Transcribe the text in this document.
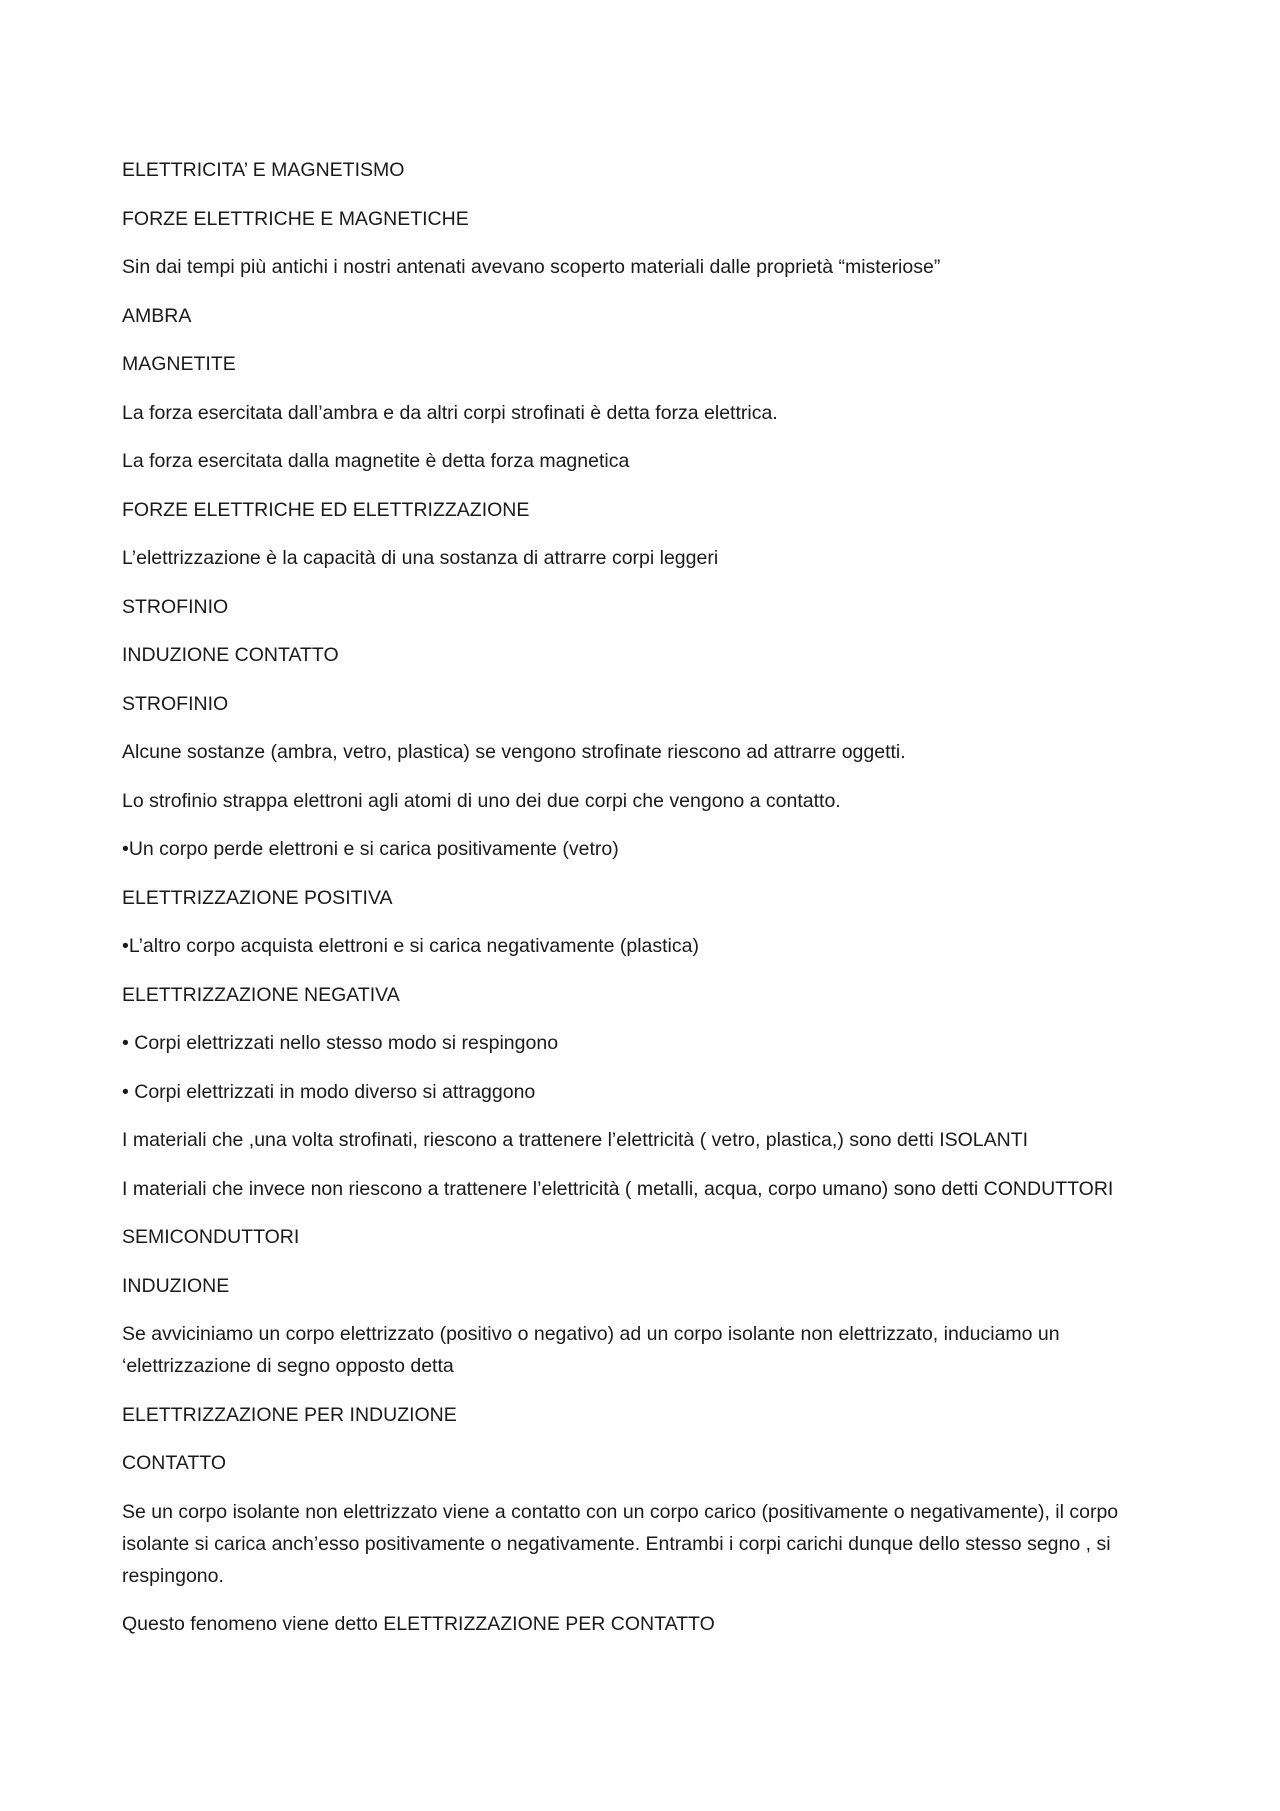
ELETTRICITA’ E MAGNETISMO

FORZE ELETTRICHE E MAGNETICHE

Sin dai tempi più antichi i nostri antenati avevano scoperto materiali dalle proprietà “misteriose”

AMBRA

MAGNETITE

La forza esercitata dall’ambra e da altri corpi strofinati è detta forza elettrica.

La forza esercitata dalla magnetite è detta forza magnetica

FORZE ELETTRICHE ED ELETTRIZZAZIONE

L’elettrizzazione è la capacità di una sostanza di attrarre corpi leggeri

STROFINIO

INDUZIONE CONTATTO

STROFINIO

Alcune sostanze (ambra, vetro, plastica) se vengono strofinate riescono ad attrarre oggetti.

Lo strofinio strappa elettroni agli atomi di uno dei due corpi che vengono a contatto.

•Un corpo perde elettroni e si carica positivamente (vetro)

ELETTRIZZAZIONE POSITIVA

•L’altro corpo acquista elettroni e si carica negativamente (plastica)

ELETTRIZZAZIONE NEGATIVA

• Corpi elettrizzati nello stesso modo si respingono

• Corpi elettrizzati in modo diverso si attraggono

I materiali che ,una volta strofinati, riescono a trattenere l’elettricità ( vetro, plastica,) sono detti ISOLANTI

I materiali che invece non riescono a trattenere l’elettricità ( metalli, acqua, corpo umano) sono detti CONDUTTORI

SEMICONDUTTORI

INDUZIONE

Se avviciniamo un corpo elettrizzato (positivo o negativo) ad un corpo isolante non elettrizzato, induciamo un ‘elettrizzazione di segno opposto detta

ELETTRIZZAZIONE PER INDUZIONE

CONTATTO

Se un corpo isolante non elettrizzato viene a contatto con un corpo carico (positivamente o negativamente), il corpo isolante si carica anch’esso positivamente o negativamente. Entrambi i corpi carichi dunque dello stesso segno , si respingono.

Questo fenomeno viene detto ELETTRIZZAZIONE PER CONTATTO
